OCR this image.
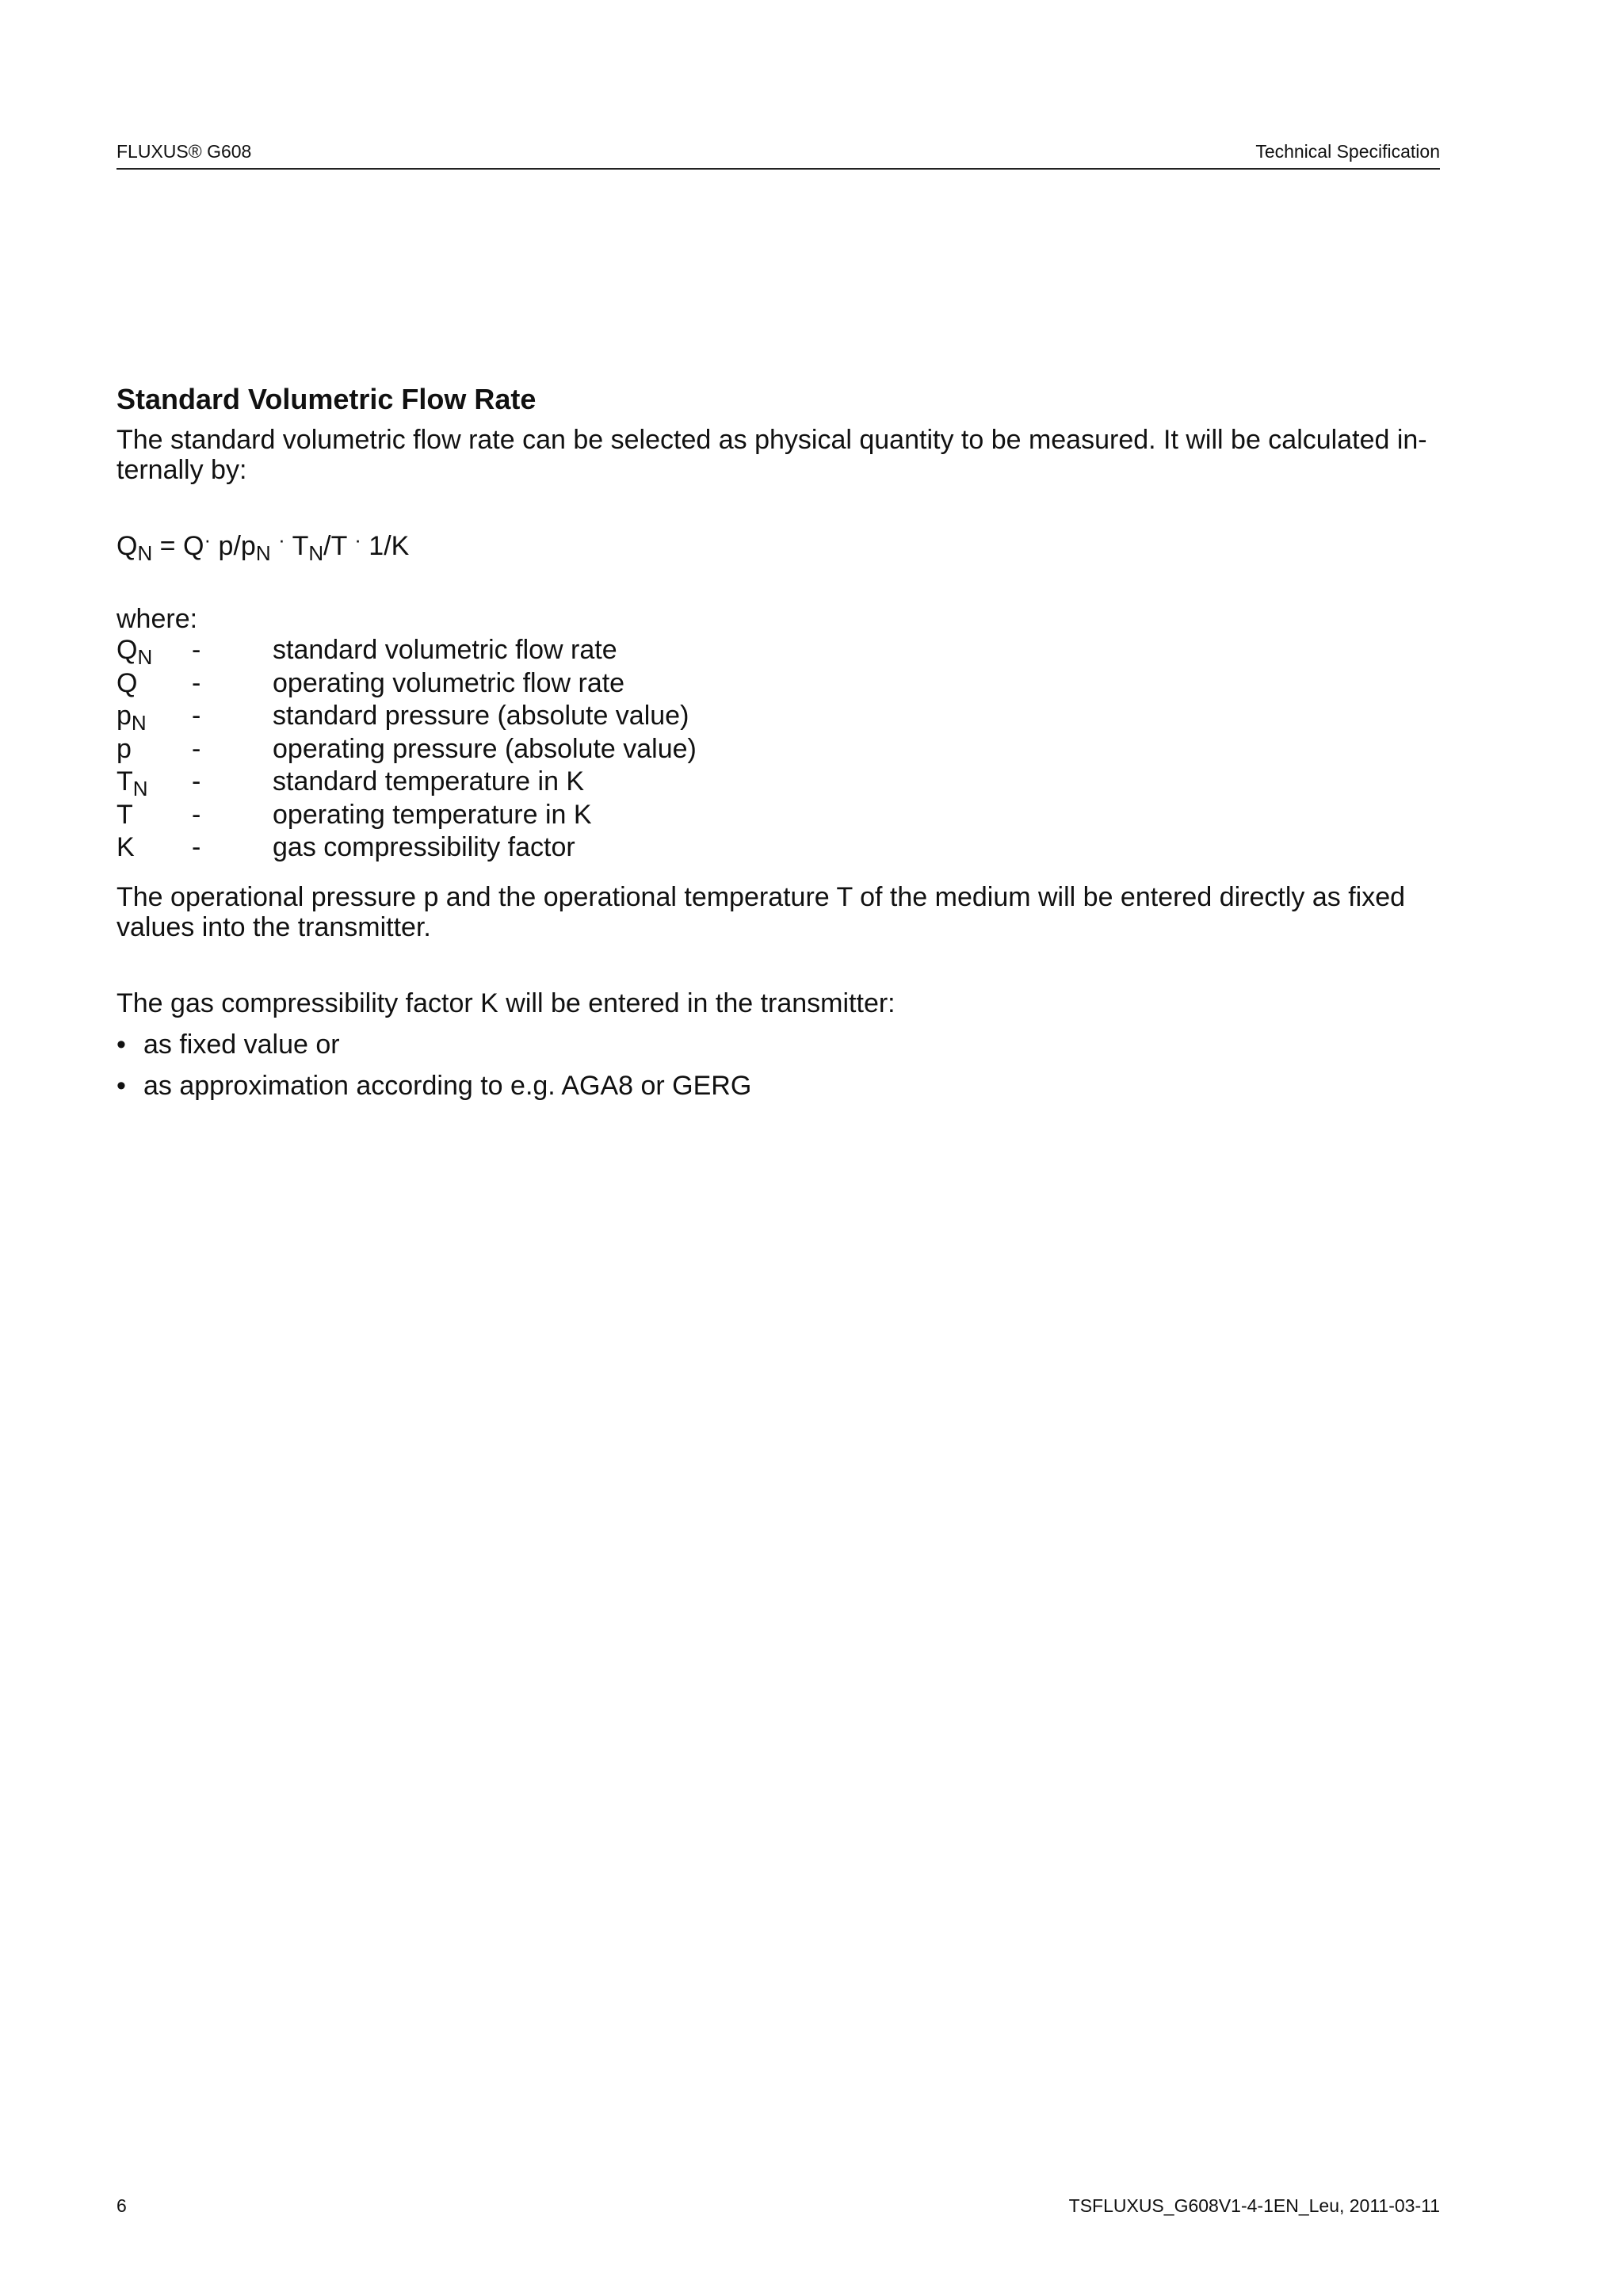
FLUXUS® G608	Technical Specification
Standard Volumetric Flow Rate

The standard volumetric flow rate can be selected as physical quantity to be measured. It will be calculated in-
ternally by:

$Q_N = Q^\cdot$ $p/p_N$ · $T_N/T$ · 1/K
where:
$Q_N$ -	standard volumetric flow rate
Q -	operating volumetric flow rate
$p_N$ -	standard pressure (absolute value)
p -	operating pressure (absolute value)
$T_N$ -	standard temperature in K
T -	operating temperature in K
K -	gas compressibility factor

The operational pressure p and the operational temperature T of the medium will be entered directly as fixed
values into the transmitter.

The gas compressibility factor K will be entered in the transmitter:

• as fixed value or
• as approximation according to e.g. AGA8 or GERG
6	TSFLUXUS_G608V1-4-1EN_Leu, 2011-03-11
